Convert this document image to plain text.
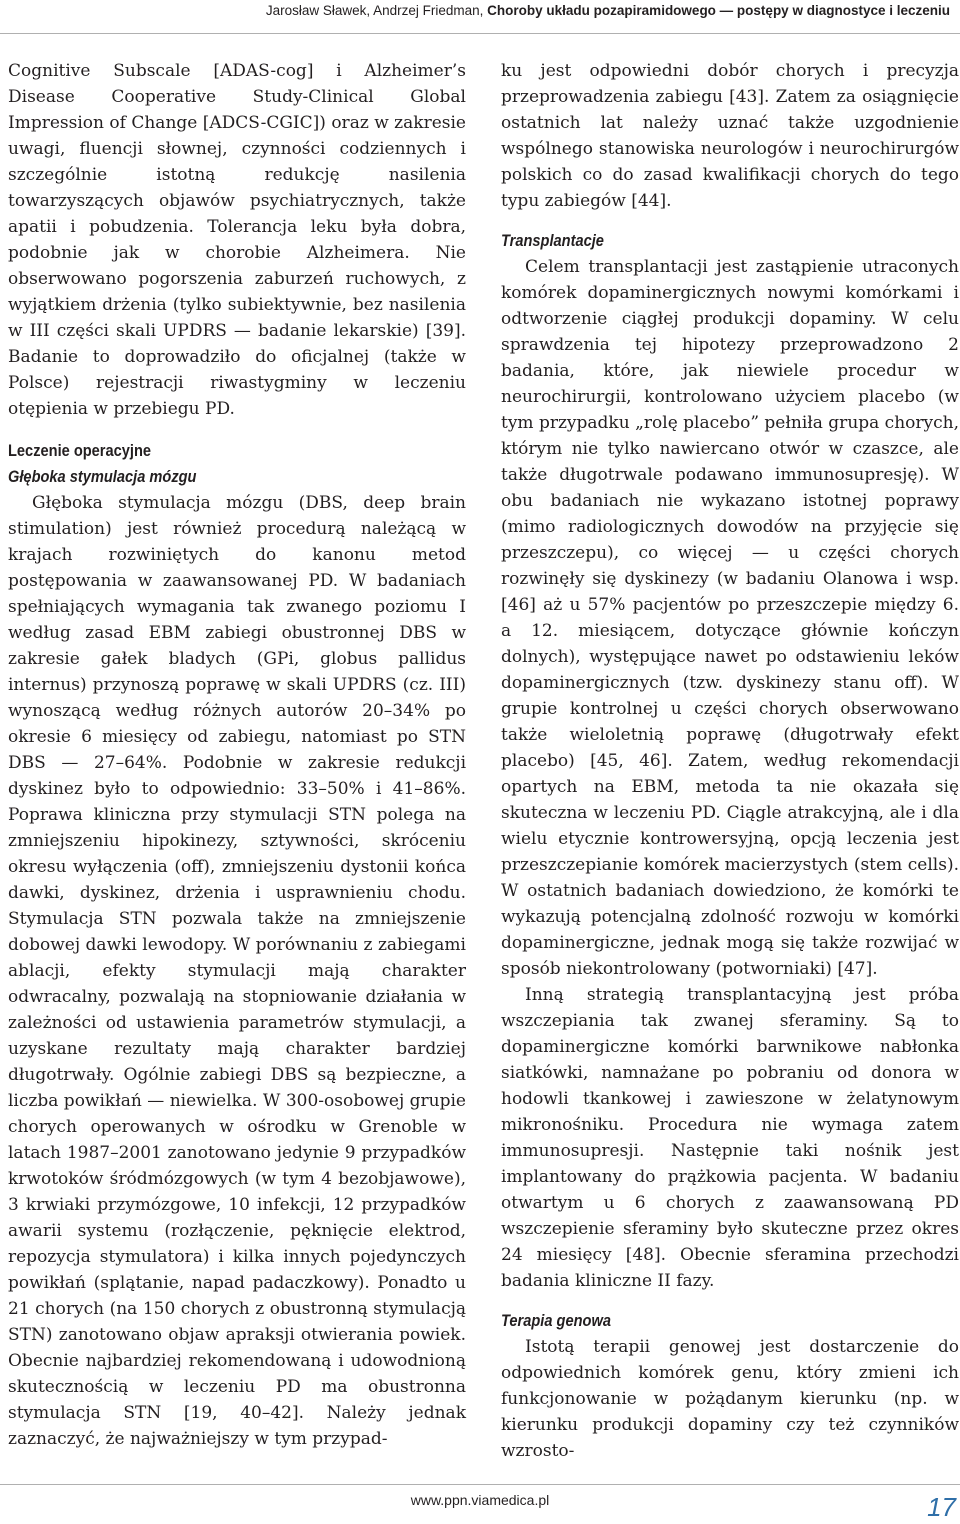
Jarosław Sławek, Andrzej Friedman, Choroby układu pozapiramidowego — postępy w diagnostyce i leczeniu

Cognitive Subscale [ADAS-cog] i Alzheimer’s Disease Cooperative Study-Clinical Global Impression of Change [ADCS-CGIC]) oraz w zakresie uwagi, fluencji słownej, czynności codziennych i szczególnie istotną redukcję nasilenia towarzyszących objawów psychiatrycznych, także apatii i pobudzenia. Tolerancja leku była dobra, podobnie jak w chorobie Alzheimera. Nie obserwowano pogorszenia zaburzeń ruchowych, z wyjątkiem drżenia (tylko subiektywnie, bez nasilenia w III części skali UPDRS — badanie lekarskie) [39]. Badanie to doprowadziło do oficjalnej (także w Polsce) rejestracji riwastygminy w leczeniu otępienia w przebiegu PD.

Leczenie operacyjne
Głęboka stymulacja mózgu

Głęboka stymulacja mózgu (DBS, deep brain stimulation) jest również procedurą należącą w krajach rozwiniętych do kanonu metod postępowania w zaawansowanej PD. W badaniach spełniających wymagania tak zwanego poziomu I według zasad EBM zabiegi obustronnej DBS w zakresie gałek bladych (GPi, globus pallidus internus) przynoszą poprawę w skali UPDRS (cz. III) wynoszącą według różnych autorów 20–34% po okresie 6 miesięcy od zabiegu, natomiast po STN DBS — 27–64%. Podobnie w zakresie redukcji dyskinez było to odpowiednio: 33–50% i 41–86%. Poprawa kliniczna przy stymulacji STN polega na zmniejszeniu hipokinezy, sztywności, skróceniu okresu wyłączenia (off), zmniejszeniu dystonii końca dawki, dyskinez, drżenia i usprawnieniu chodu. Stymulacja STN pozwala także na zmniejszenie dobowej dawki lewodopy. W porównaniu z zabiegami ablacji, efekty stymulacji mają charakter odwracalny, pozwalają na stopniowanie działania w zależności od ustawienia parametrów stymulacji, a uzyskane rezultaty mają charakter bardziej długotrwały. Ogólnie zabiegi DBS są bezpieczne, a liczba powikłań — niewielka. W 300-osobowej grupie chorych operowanych w ośrodku w Grenoble w latach 1987–2001 zanotowano jedynie 9 przypadków krwotoków śródmózgowych (w tym 4 bezobjawowe), 3 krwiaki przymózgowe, 10 infekcji, 12 przypadków awarii systemu (rozłączenie, pęknięcie elektrod, repozycja stymulatora) i kilka innych pojedynczych powikłań (splątanie, napad padaczkowy). Ponadto u 21 chorych (na 150 chorych z obustronną stymulacją STN) zanotowano objaw apraksji otwierania powiek. Obecnie najbardziej rekomendowaną i udowodnioną skutecznością w leczeniu PD ma obustronna stymulacja STN [19, 40–42]. Należy jednak zaznaczyć, że najważniejszy w tym przypad-

ku jest odpowiedni dobór chorych i precyzja przeprowadzenia zabiegu [43]. Zatem za osiągnięcie ostatnich lat należy uznać także uzgodnienie wspólnego stanowiska neurologów i neurochirurgów polskich co do zasad kwalifikacji chorych do tego typu zabiegów [44].

Transplantacje

Celem transplantacji jest zastąpienie utraconych komórek dopaminergicznych nowymi komórkami i odtworzenie ciągłej produkcji dopaminy. W celu sprawdzenia tej hipotezy przeprowadzono 2 badania, które, jak niewiele procedur w neurochirurgii, kontrolowano użyciem placebo (w tym przypadku „rolę placebo” pełniła grupa chorych, którym nie tylko nawiercano otwór w czaszce, ale także długotrwale podawano immunosupresję). W obu badaniach nie wykazano istotnej poprawy (mimo radiologicznych dowodów na przyjęcie się przeszczepu), co więcej — u części chorych rozwinęły się dyskinezy (w badaniu Olanowa i wsp. [46] aż u 57% pacjentów po przeszczepie między 6. a 12. miesiącem, dotyczące głównie kończyn dolnych), występujące nawet po odstawieniu leków dopaminergicznych (tzw. dyskinezy stanu off). W grupie kontrolnej u części chorych obserwowano także wieloletnią poprawę (długotrwały efekt placebo) [45, 46]. Zatem, według rekomendacji opartych na EBM, metoda ta nie okazała się skuteczna w leczeniu PD. Ciągle atrakcyjną, ale i dla wielu etycznie kontrowersyjną, opcją leczenia jest przeszczepianie komórek macierzystych (stem cells). W ostatnich badaniach dowiedziono, że komórki te wykazują potencjalną zdolność rozwoju w komórki dopaminergiczne, jednak mogą się także rozwijać w sposób niekontrolowany (potworniaki) [47].

Inną strategią transplantacyjną jest próba wszczepiania tak zwanej sferaminy. Są to dopaminergiczne komórki barwnikowe nabłonka siatkówki, namnażane po pobraniu od donora w hodowli tkankowej i zawieszone w żelatynowym mikronośniku. Procedura nie wymaga zatem immunosupresji. Następnie taki nośnik jest implantowany do prążkowia pacjenta. W badaniu otwartym u 6 chorych z zaawansowaną PD wszczepienie sferaminy było skuteczne przez okres 24 miesięcy [48]. Obecnie sferamina przechodzi badania kliniczne II fazy.

Terapia genowa

Istotą terapii genowej jest dostarczenie do odpowiednich komórek genu, który zmieni ich funkcjonowanie w pożądanym kierunku (np. w kierunku produkcji dopaminy czy też czynników wzrosto-

www.ppn.viamedica.pl	17
